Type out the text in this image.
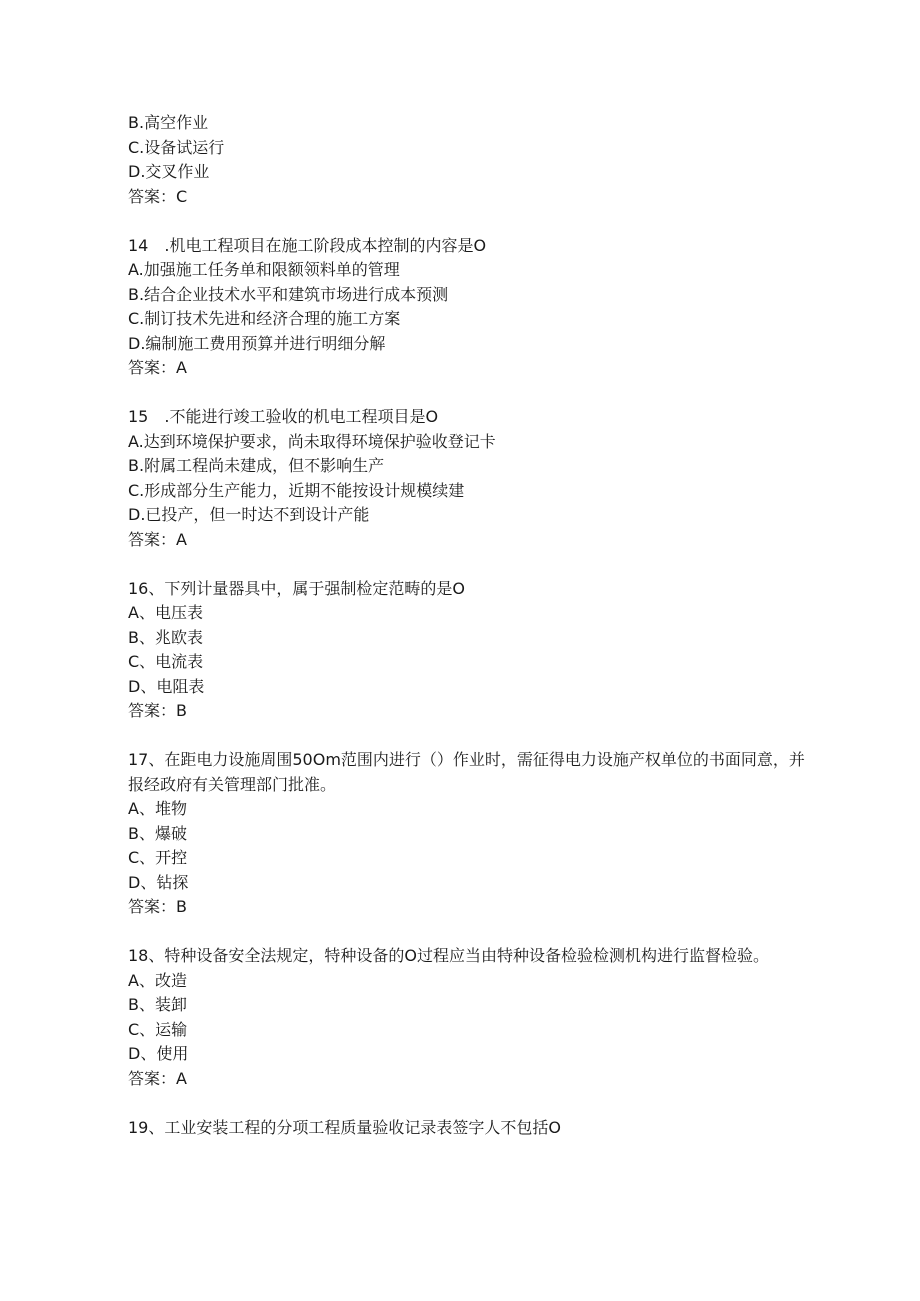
B.高空作业
C.设备试运行
D.交叉作业
答案：C
14　.机电工程项目在施工阶段成本控制的内容是O
A.加强施工任务单和限额领料单的管理
B.结合企业技术水平和建筑市场进行成本预测
C.制订技术先进和经济合理的施工方案
D.编制施工费用预算并进行明细分解
答案：A
15　.不能进行竣工验收的机电工程项目是O
A.达到环境保护要求，尚未取得环境保护验收登记卡
B.附属工程尚未建成，但不影响生产
C.形成部分生产能力，近期不能按设计规模续建
D.已投产，但一时达不到设计产能
答案：A
16、下列计量器具中，属于强制检定范畴的是O
A、电压表
B、兆欧表
C、电流表
D、电阻表
答案：B
17、在距电力设施周围50Om范围内进行（）作业时，需征得电力设施产权单位的书面同意，并报经政府有关管理部门批准。
A、堆物
B、爆破
C、开控
D、钻探
答案：B
18、特种设备安全法规定，特种设备的O过程应当由特种设备检验检测机构进行监督检验。
A、改造
B、装卸
C、运输
D、使用
答案：A
19、工业安装工程的分项工程质量验收记录表签字人不包括O
